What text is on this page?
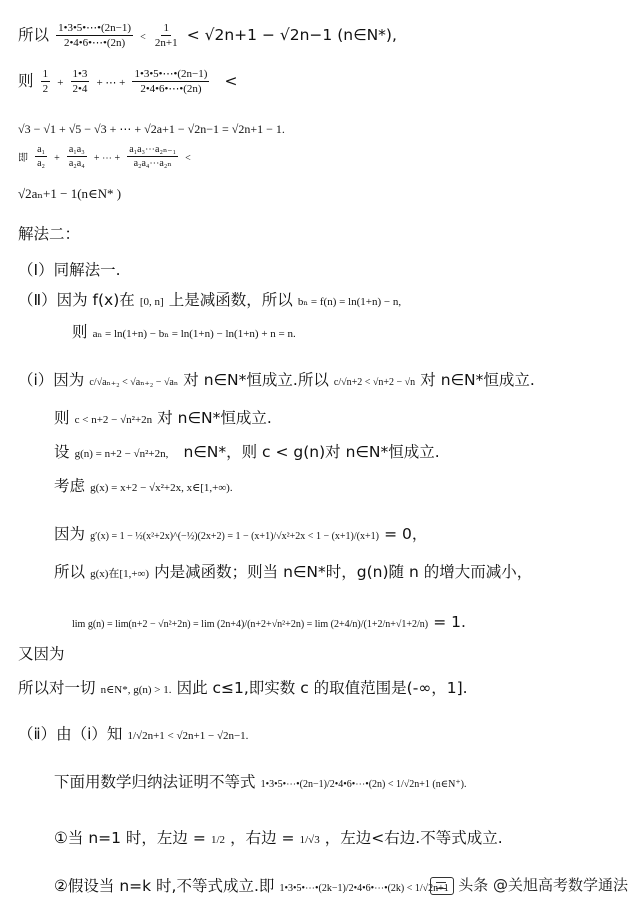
所以 $\frac{1•3•5•\cdots•(2n-1)}{2•4•6•\cdots•(2n)} < \frac{1}{2n+1} < √2n+1 - √2n-1$ (n∈N*),
则 $\frac{1}{2} + \frac{1•3}{2•4}$ + ⋯ + $\frac{1•3•5•\cdots•(2n-1)}{2•4•6•\cdots•(2n)}$ <
√3 − √1 + √5 − √3 + ⋯ + √2a+1 − √2n−1 = √2n+1 − 1.
即 $\frac{\text{a₁}}{\text{a₂}} + \frac{\text{a₁a₃}}{\text{a₂a₄}}$ + ⋯ + $\frac{\text{a₁a₃⋯a₂ₙ₋₁}}{\text{a₂a₄⋯a₂ₙ}}$ <
√2aₙ+1 − 1(n∈N* )
解法二：
（Ⅰ）同解法一.
（Ⅱ）因为 f(x)在 [0, n] 上是减函数，所以 bₙ = f(n) = ln(1+n) − n,
则 aₙ = ln(1+n) − bₙ = ln(1+n) − ln(1+n) + n = n.
（ⅰ）因为 c/√aₙ₊₂ < √aₙ₊₂ − √aₙ 对 n∈N*恒成立.所以 c/√n+2 < √n+2 − √n 对 n∈N*恒成立.
则 c < n+2 − √n²+2n 对 n∈N*恒成立.
设 g(n) = n+2 − √n²+2n, n∈N*，则 c < g(n)对 n∈N*恒成立.
考虑 g(x) = x+2 − √x²+2x, x∈[1,+∞).
因为 g′(x) = 1 − ½(x²+2x)^(−½)(2x+2) = 1 − (x+1)/√x²+2x < 1 − (x+1)/(x+1) = 0，
所以 g(x)在[1,+∞) 内是减函数；则当 n∈N*时，g(n)随 n 的增大而减小，
lim g(n) = lim(n+2 − √n²+2n) = lim (2n+4)/(n+2+√n²+2n) = lim (2+4/n)/(1+2/n+√1+2/n) = 1.
又因为
所以对一切 n∈N*, g(n) > 1. 因此 c≤1,即实数 c 的取值范围是(-∞，1].
（ⅱ）由（ⅰ）知 1/√2n+1 < √2n+1 − √2n−1.
下面用数学归纳法证明不等式 1•3•5•⋯•(2n−1)/2•4•6•⋯•(2n) < 1/√2n+1 (n∈N⁺).
①当 n=1 时，左边 = 1/2 ，右边 = 1/√3 ，左边<右边.不等式成立.
②假设当 n=k 时,不等式成立.即 1•3•5•⋯•(2k−1)/2•4•6•⋯•(2k) < 1/√2n+1 头条 @关旭高考数学通法
